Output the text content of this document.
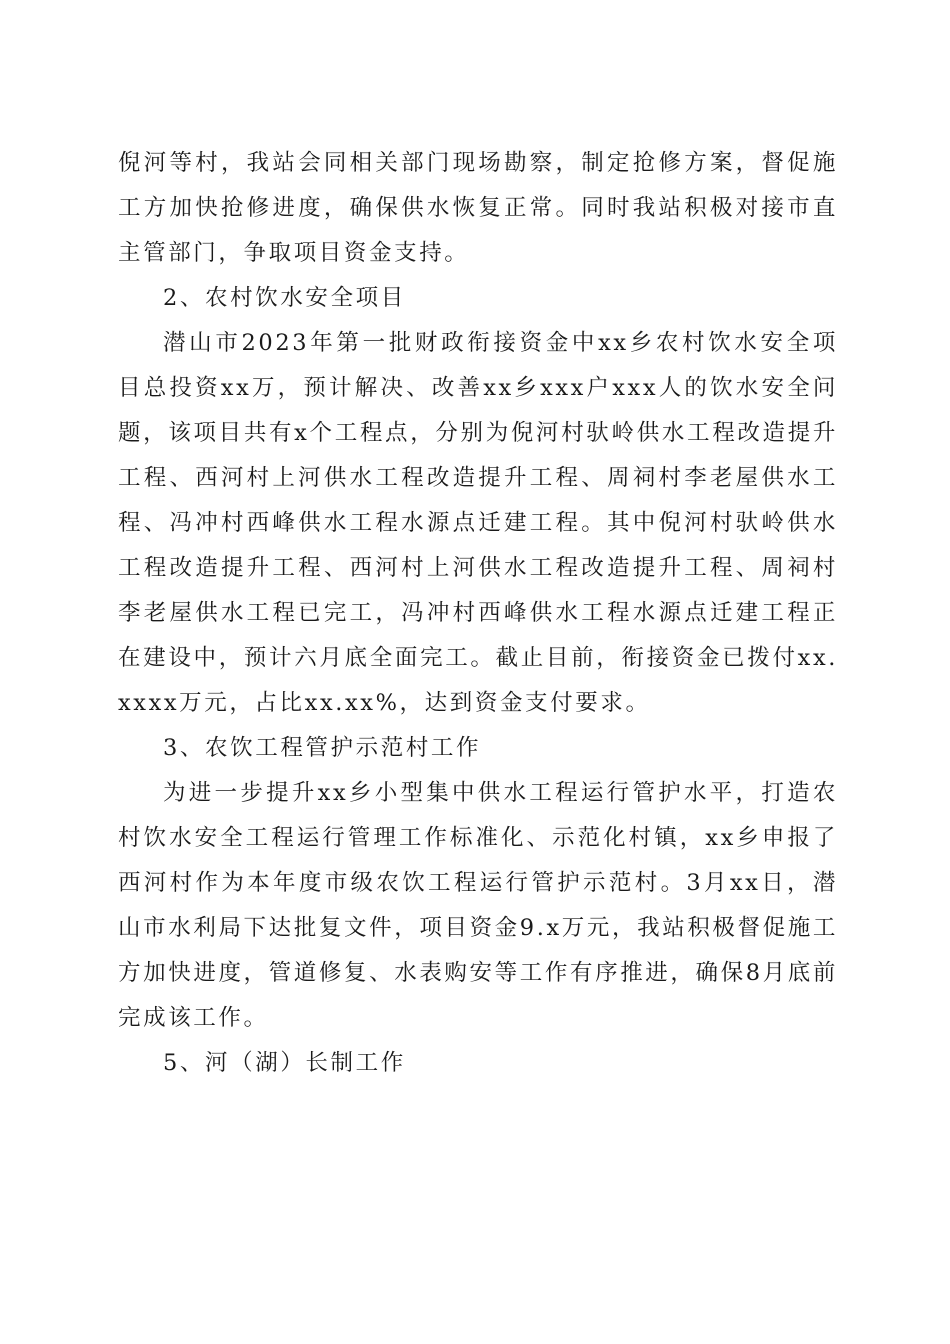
倪河等村，我站会同相关部门现场勘察，制定抢修方案，督促施工方加快抢修进度，确保供水恢复正常。同时我站积极对接市直主管部门，争取项目资金支持。

2、农村饮水安全项目

潜山市2023年第一批财政衔接资金中xx乡农村饮水安全项目总投资xx万，预计解决、改善xx乡xxx户xxx人的饮水安全问题，该项目共有x个工程点，分别为倪河村驮岭供水工程改造提升工程、西河村上河供水工程改造提升工程、周祠村李老屋供水工程、冯冲村西峰供水工程水源点迁建工程。其中倪河村驮岭供水工程改造提升工程、西河村上河供水工程改造提升工程、周祠村李老屋供水工程已完工，冯冲村西峰供水工程水源点迁建工程正在建设中，预计六月底全面完工。截止目前，衔接资金已拨付xx.xxxx万元，占比xx.xx%，达到资金支付要求。

3、农饮工程管护示范村工作

为进一步提升xx乡小型集中供水工程运行管护水平，打造农村饮水安全工程运行管理工作标准化、示范化村镇，xx乡申报了西河村作为本年度市级农饮工程运行管护示范村。3月xx日，潜山市水利局下达批复文件，项目资金9.x万元，我站积极督促施工方加快进度，管道修复、水表购安等工作有序推进，确保8月底前完成该工作。

5、河（湖）长制工作
